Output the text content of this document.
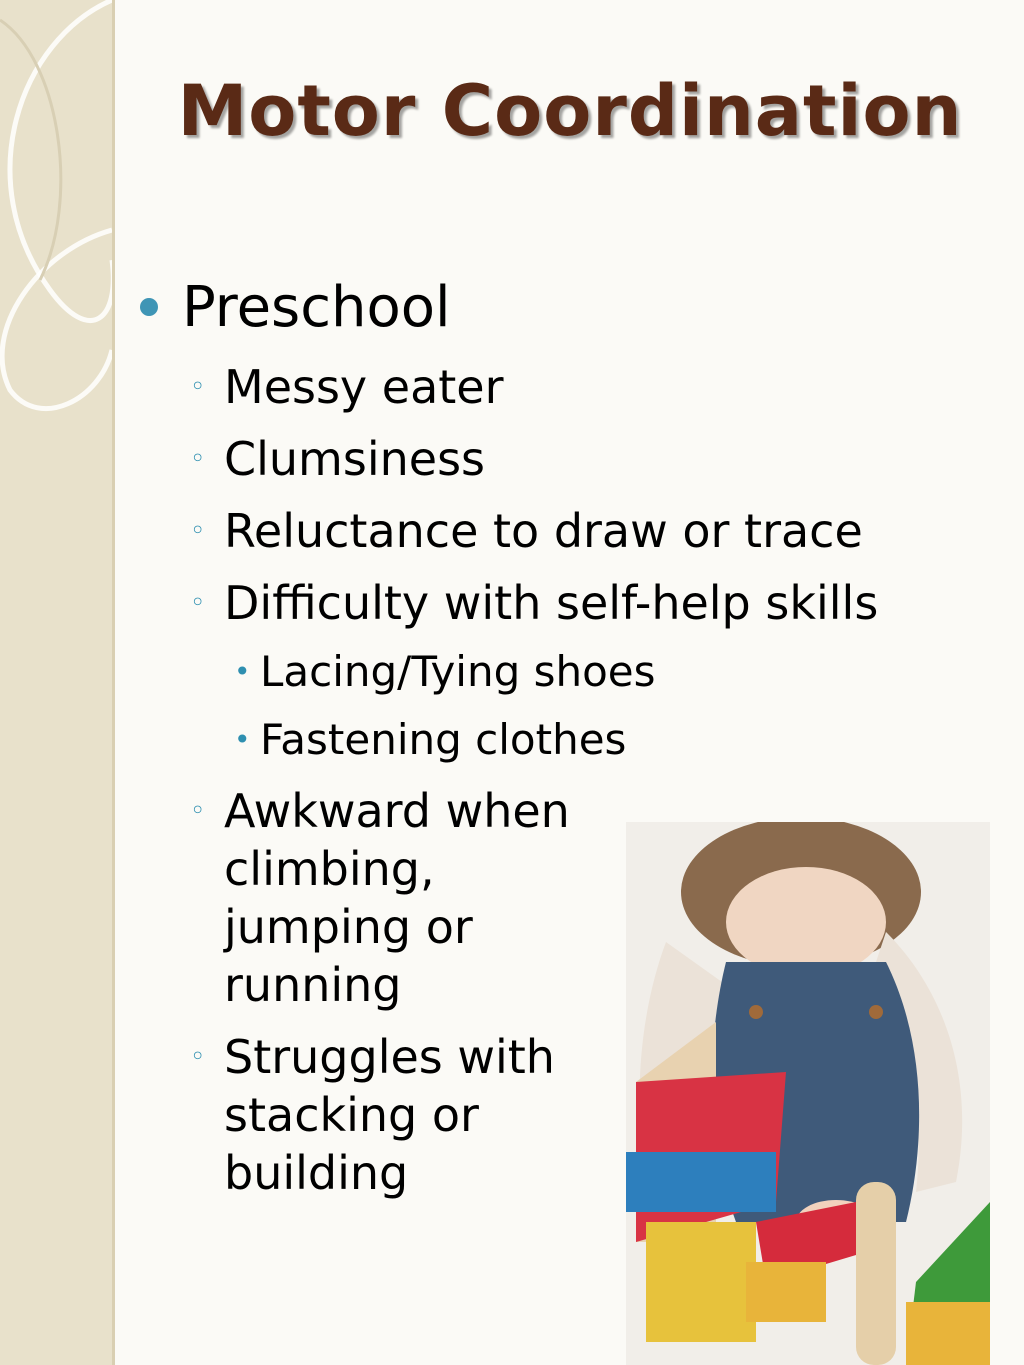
Motor Coordination
Preschool
◦ Messy eater
◦ Clumsiness
◦ Reluctance to draw or trace
◦ Difficulty with self-help skills
• Lacing/Tying shoes
• Fastening clothes
◦ Awkward when climbing, jumping or running
◦ Struggles with stacking or building
